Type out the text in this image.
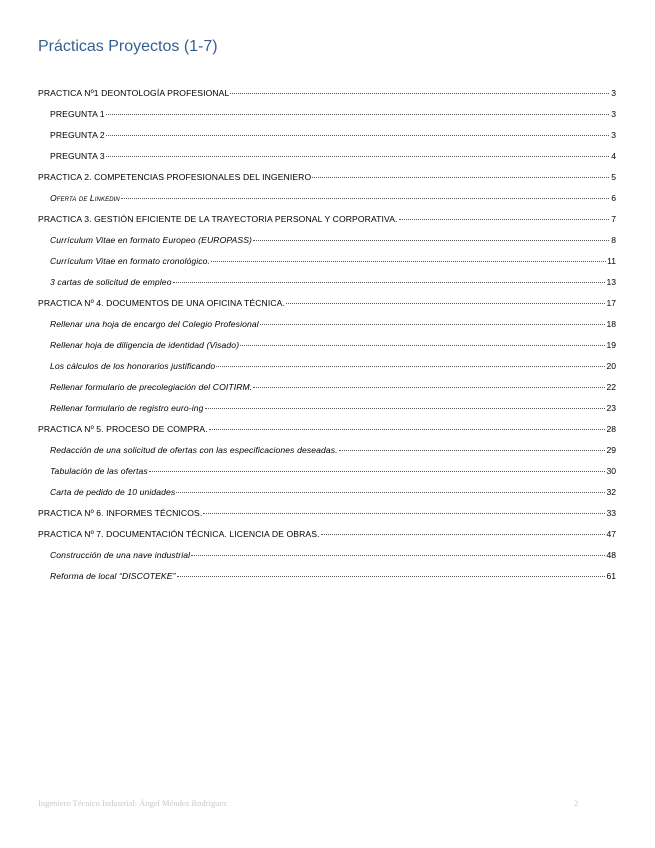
Prácticas Proyectos (1-7)
PRACTICA Nº1 DEONTOLOGÍA PROFESIONAL	3
PREGUNTA 1	3
PREGUNTA 2	3
PREGUNTA 3	4
PRACTICA 2. COMPETENCIAS PROFESIONALES DEL INGENIERO	5
Oferta de Linkedin	6
PRACTICA 3. GESTIÓN EFICIENTE DE LA TRAYECTORIA PERSONAL Y CORPORATIVA.	7
Currículum Vitae en formato Europeo (EUROPASS)	8
Currículum Vitae en formato cronológico.	11
3 cartas de solicitud de empleo	13
PRACTICA Nº 4. DOCUMENTOS DE UNA OFICINA TÉCNICA.	17
Rellenar una hoja de encargo del Colegio Profesional	18
Rellenar hoja de diligencia de identidad (Visado)	19
Los cálculos de los honorarios justificando	20
Rellenar formulario de precolegiación del COITIRM.	22
Rellenar formulario de registro euro-ing	23
PRACTICA Nº 5. PROCESO DE COMPRA.	28
Redacción de una solicitud de ofertas con las especificaciones deseadas.	29
Tabulación de las ofertas	30
Carta de pedido de 10 unidades	32
PRACTICA Nº 6. INFORMES TÉCNICOS.	33
PRACTICA Nº 7. DOCUMENTACIÓN TÉCNICA. LICENCIA DE OBRAS.	47
Construcción de una nave industrial	48
Reforma de local “DISCOTEKE”	61
Ingeniero Técnico Industrial: Ángel Méndez Rodríguez	2
